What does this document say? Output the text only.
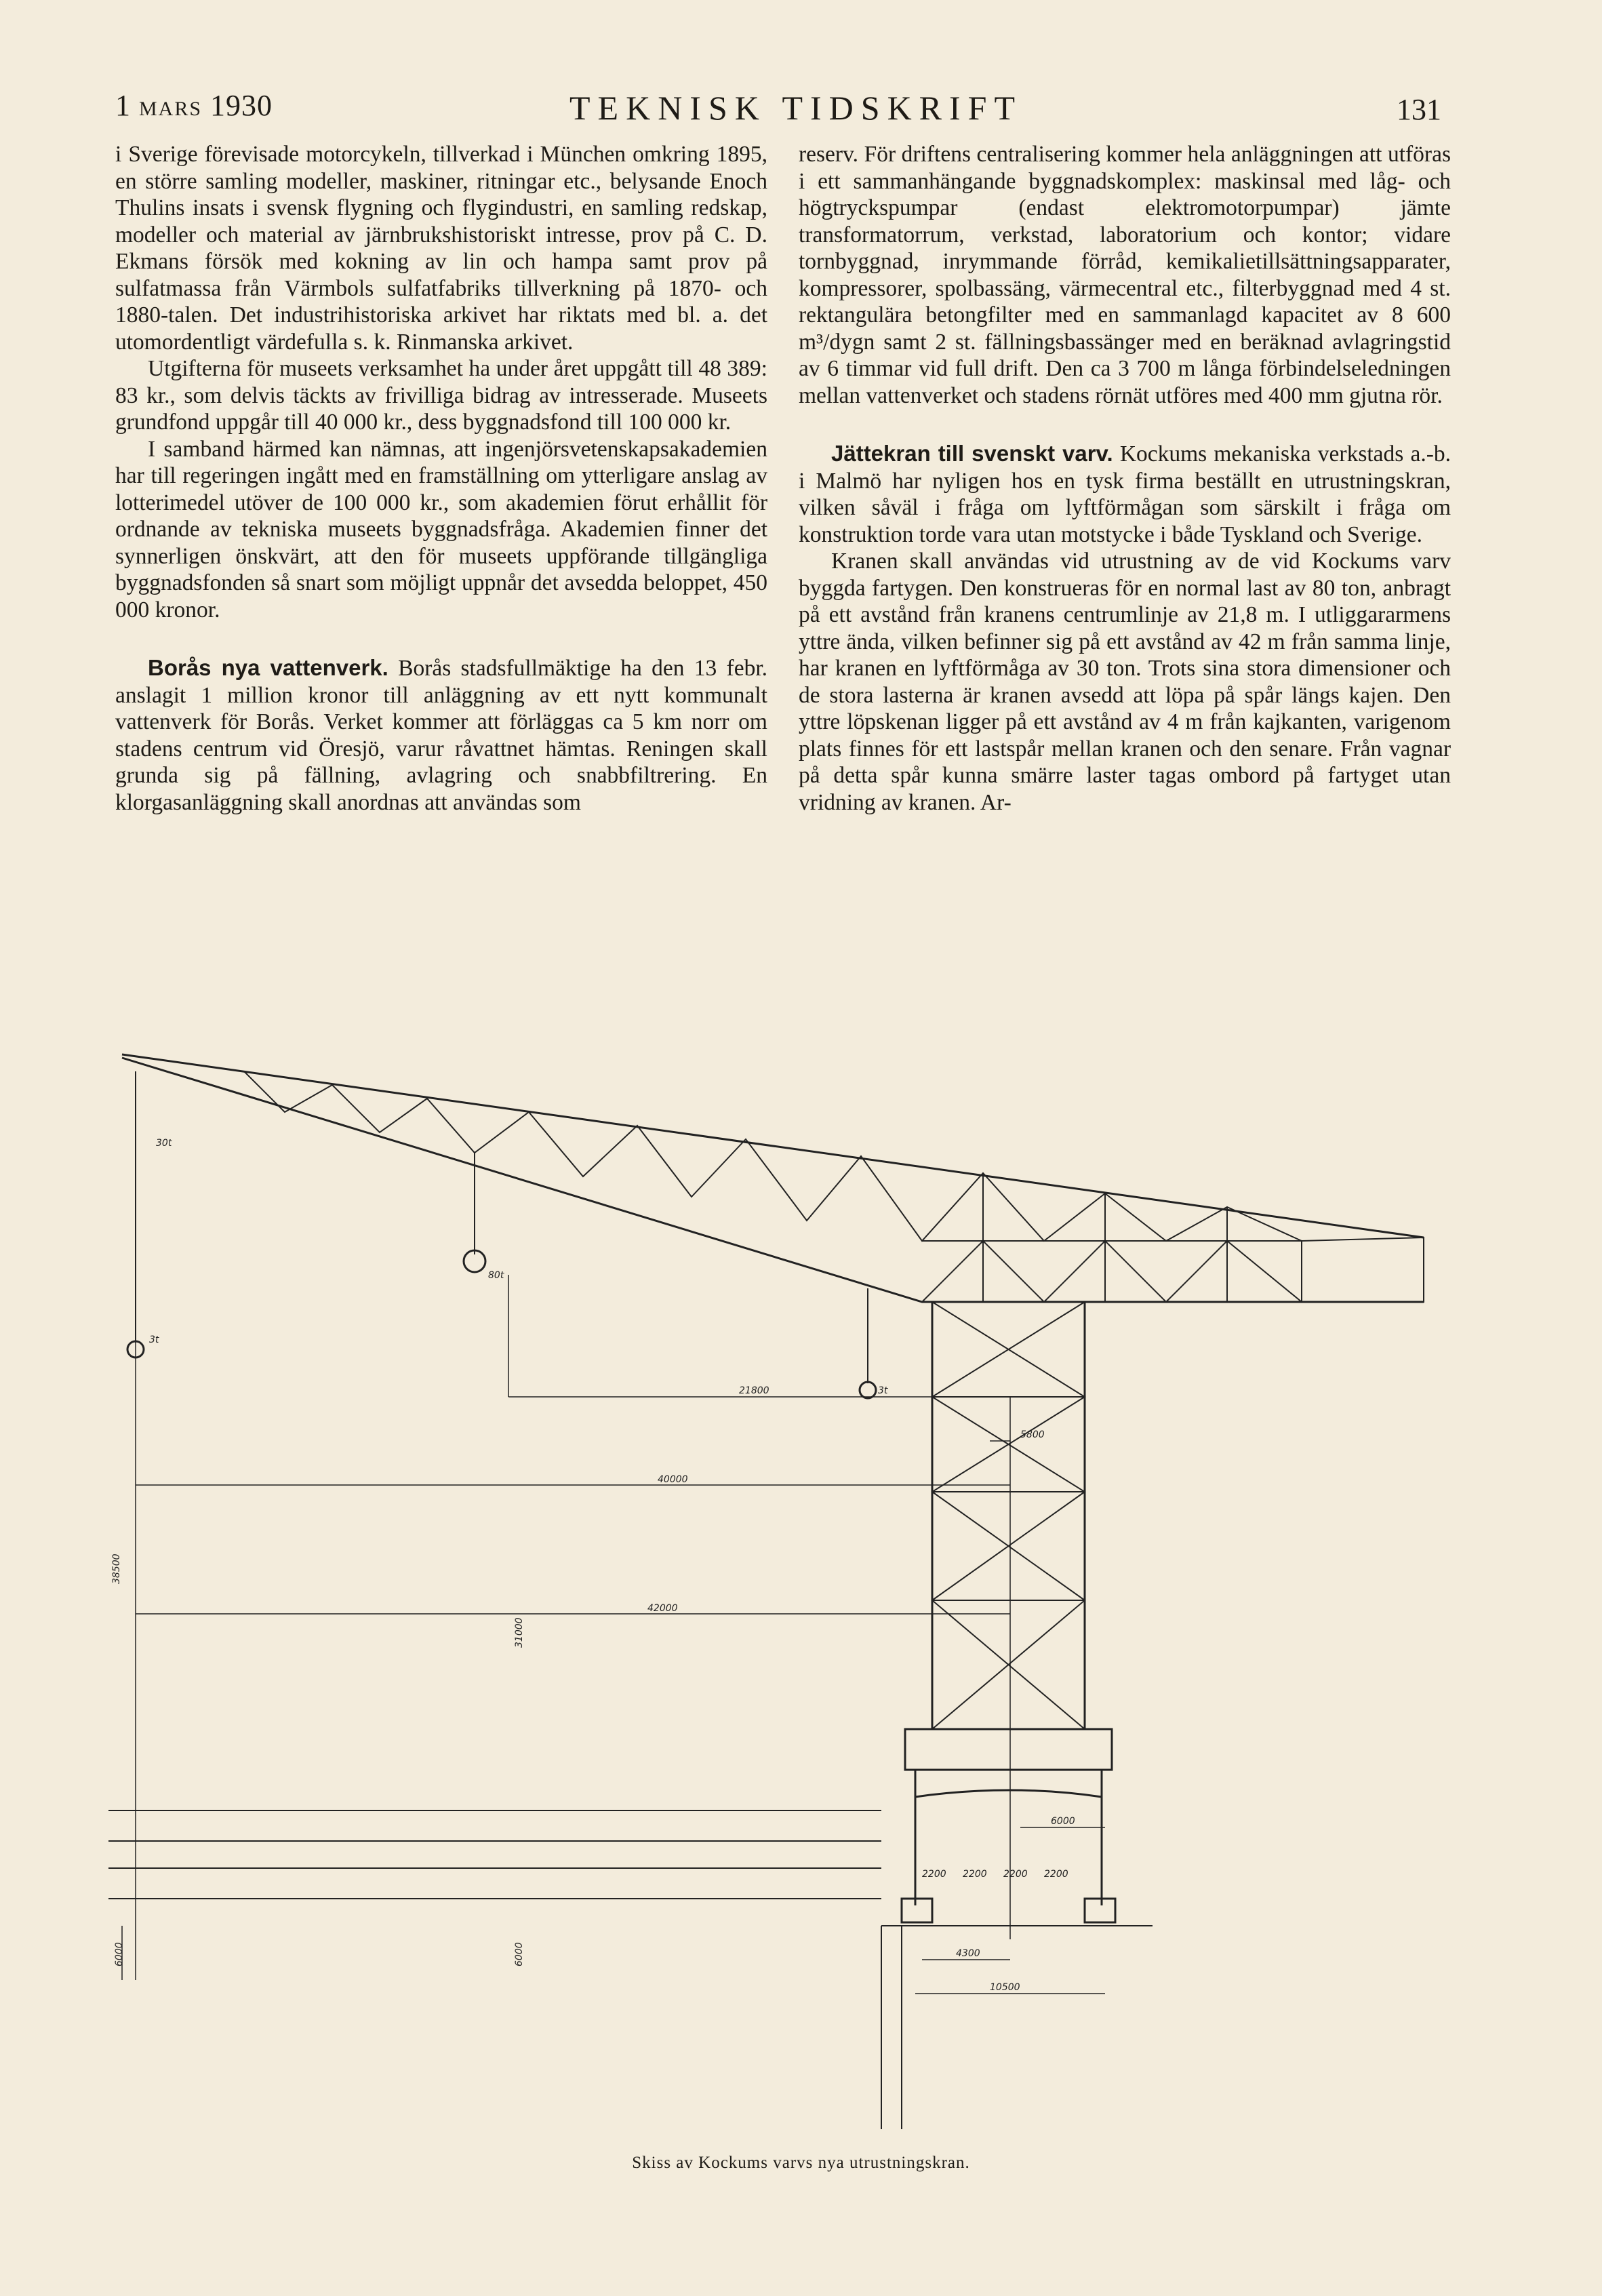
1 MARS 1930	TEKNISK TIDSKRIFT	131

i Sverige förevisade motorcykeln, tillverkad i München omkring 1895, en större samling modeller, maskiner, ritningar etc., belysande Enoch Thulins insats i svensk flygning och flygindustri, en samling redskap, modeller och material av järnbrukshistoriskt intresse, prov på C. D. Ekmans försök med kokning av lin och hampa samt prov på sulfatmassa från Värmbols sulfatfabriks tillverkning på 1870- och 1880-talen. Det industrihistoriska arkivet har riktats med bl. a. det utomordentligt värdefulla s. k. Rinmanska arkivet.

Utgifterna för museets verksamhet ha under året uppgått till 48 389: 83 kr., som delvis täckts av frivilliga bidrag av intresserade. Museets grundfond uppgår till 40 000 kr., dess byggnadsfond till 100 000 kr.

I samband härmed kan nämnas, att ingenjörsvetenskapsakademien har till regeringen ingått med en framställning om ytterligare anslag av lotterimedel utöver de 100 000 kr., som akademien förut erhållit för ordnande av tekniska museets byggnadsfråga. Akademien finner det synnerligen önskvärt, att den för museets uppförande tillgängliga byggnadsfonden så snart som möjligt uppnår det avsedda beloppet, 450 000 kronor.

Borås nya vattenverk. Borås stadsfullmäktige ha den 13 febr. anslagit 1 million kronor till anläggning av ett nytt kommunalt vattenverk för Borås. Verket kommer att förläggas ca 5 km norr om stadens centrum vid Öresjö, varur råvattnet hämtas. Reningen skall grunda sig på fällning, avlagring och snabbfiltrering. En klorgasanläggning skall anordnas att användas som

reserv. För driftens centralisering kommer hela anläggningen att utföras i ett sammanhängande byggnadskomplex: maskinsal med låg- och högtryckspumpar (endast elektromotorpumpar) jämte transformatorrum, verkstad, laboratorium och kontor; vidare tornbyggnad, inrymmande förråd, kemikalietillsättningsapparater, kompressorer, spolbassäng, värmecentral etc., filterbyggnad med 4 st. rektangulära betongfilter med en sammanlagd kapacitet av 8 600 m³/dygn samt 2 st. fällningsbassänger med en beräknad avlagringstid av 6 timmar vid full drift. Den ca 3 700 m långa förbindelseledningen mellan vattenverket och stadens rörnät utföres med 400 mm gjutna rör.

Jättekran till svenskt varv. Kockums mekaniska verkstads a.-b. i Malmö har nyligen hos en tysk firma beställt en utrustningskran, vilken såväl i fråga om lyftförmågan som särskilt i fråga om konstruktion torde vara utan motstycke i både Tyskland och Sverige.

Kranen skall användas vid utrustning av de vid Kockums varv byggda fartygen. Den konstrueras för en normal last av 80 ton, anbragt på ett avstånd från kranens centrumlinje av 21,8 m. I utliggararmens yttre ända, vilken befinner sig på ett avstånd av 42 m från samma linje, har kranen en lyftförmåga av 30 ton. Trots sina stora dimensioner och de stora lasterna är kranen avsedd att löpa på spår längs kajen. Den yttre löpskenan ligger på ett avstånd av 4 m från kajkanten, varigenom plats finnes för ett lastspår mellan kranen och den senare. Från vagnar på detta spår kunna smärre laster tagas ombord på fartyget utan vridning av kranen. Ar-

30t
3t
80t
3t
21800
40000
42000
5800
6000
2200 2200 2200 2200
4300
10500
38500
31000
6000	6000
Skiss av Kockums varvs nya utrustningskran.
